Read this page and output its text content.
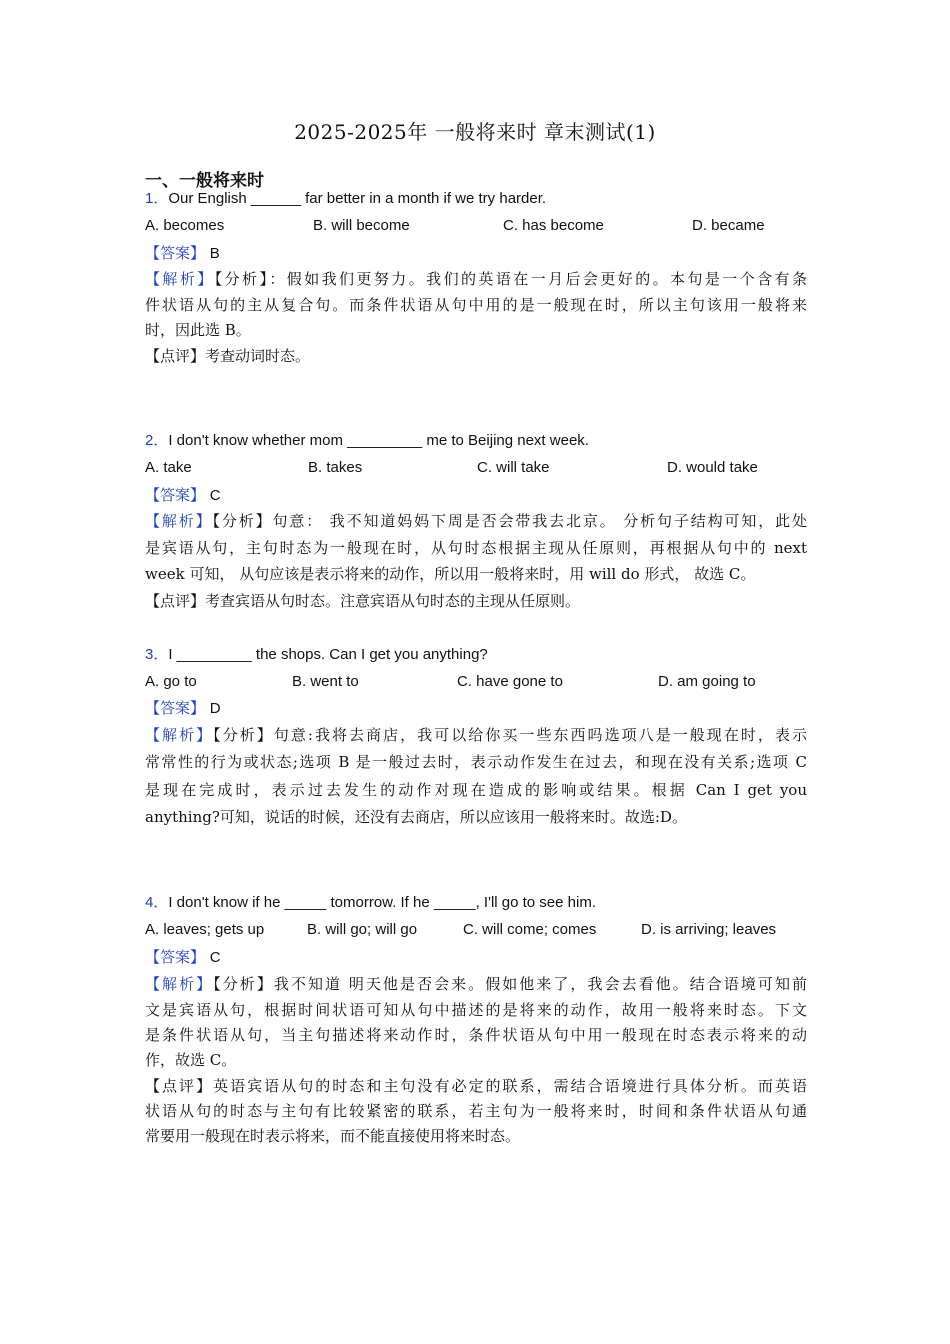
2025-2025年 一般将来时 章末测试(1)
一、一般将来时
1．Our English ______ far better in a month if we try harder.
A. becomes	B. will become	C. has become	D. became
【答案】 B
【解析】【分析】：假如我们更努力。我们的英语在一月后会更好的。本句是一个含有条
件状语从句的主从复合句。而条件状语从句中用的是一般现在时，所以主句该用一般将来
时，因此选 B。
【点评】考查动词时态。
2．I don't know whether mom _________ me to Beijing next week.
A. take	B. takes	C. will take	D. would take
【答案】 C
【解析】【分析】句意： 我不知道妈妈下周是否会带我去北京。 分析句子结构可知，此处
是宾语从句，主句时态为一般现在时，从句时态根据主现从任原则，再根据从句中的 next
week 可知， 从句应该是表示将来的动作，所以用一般将来时，用 will do 形式， 故选 C。
【点评】考查宾语从句时态。注意宾语从句时态的主现从任原则。
3．I _________ the shops. Can I get you anything?
A. go to	B. went to	C. have gone to	D. am going to
【答案】 D
【解析】【分析】句意:我将去商店，我可以给你买一些东西吗选项八是一般现在时，表示
常常性的行为或状态;选项 B 是一般过去时，表示动作发生在过去，和现在没有关系;选项 C
是现在完成时，表示过去发生的动作对现在造成的影响或结果。根据 Can I get you
anything?可知，说话的时候，还没有去商店，所以应该用一般将来时。故选:D。
4．I don't know if he _____ tomorrow. If he _____, I'll go to see him.
A. leaves; gets up	B. will go; will go	C. will come; comes	D. is arriving; leaves
【答案】 C
【解析】【分析】我不知道 明天他是否会来。假如他来了，我会去看他。结合语境可知前
文是宾语从句，根据时间状语可知从句中描述的是将来的动作，故用一般将来时态。下文
是条件状语从句，当主句描述将来动作时，条件状语从句中用一般现在时态表示将来的动
作，故选 C。
【点评】英语宾语从句的时态和主句没有必定的联系，需结合语境进行具体分析。而英语
状语从句的时态与主句有比较紧密的联系，若主句为一般将来时，时间和条件状语从句通
常要用一般现在时表示将来，而不能直接使用将来时态。
